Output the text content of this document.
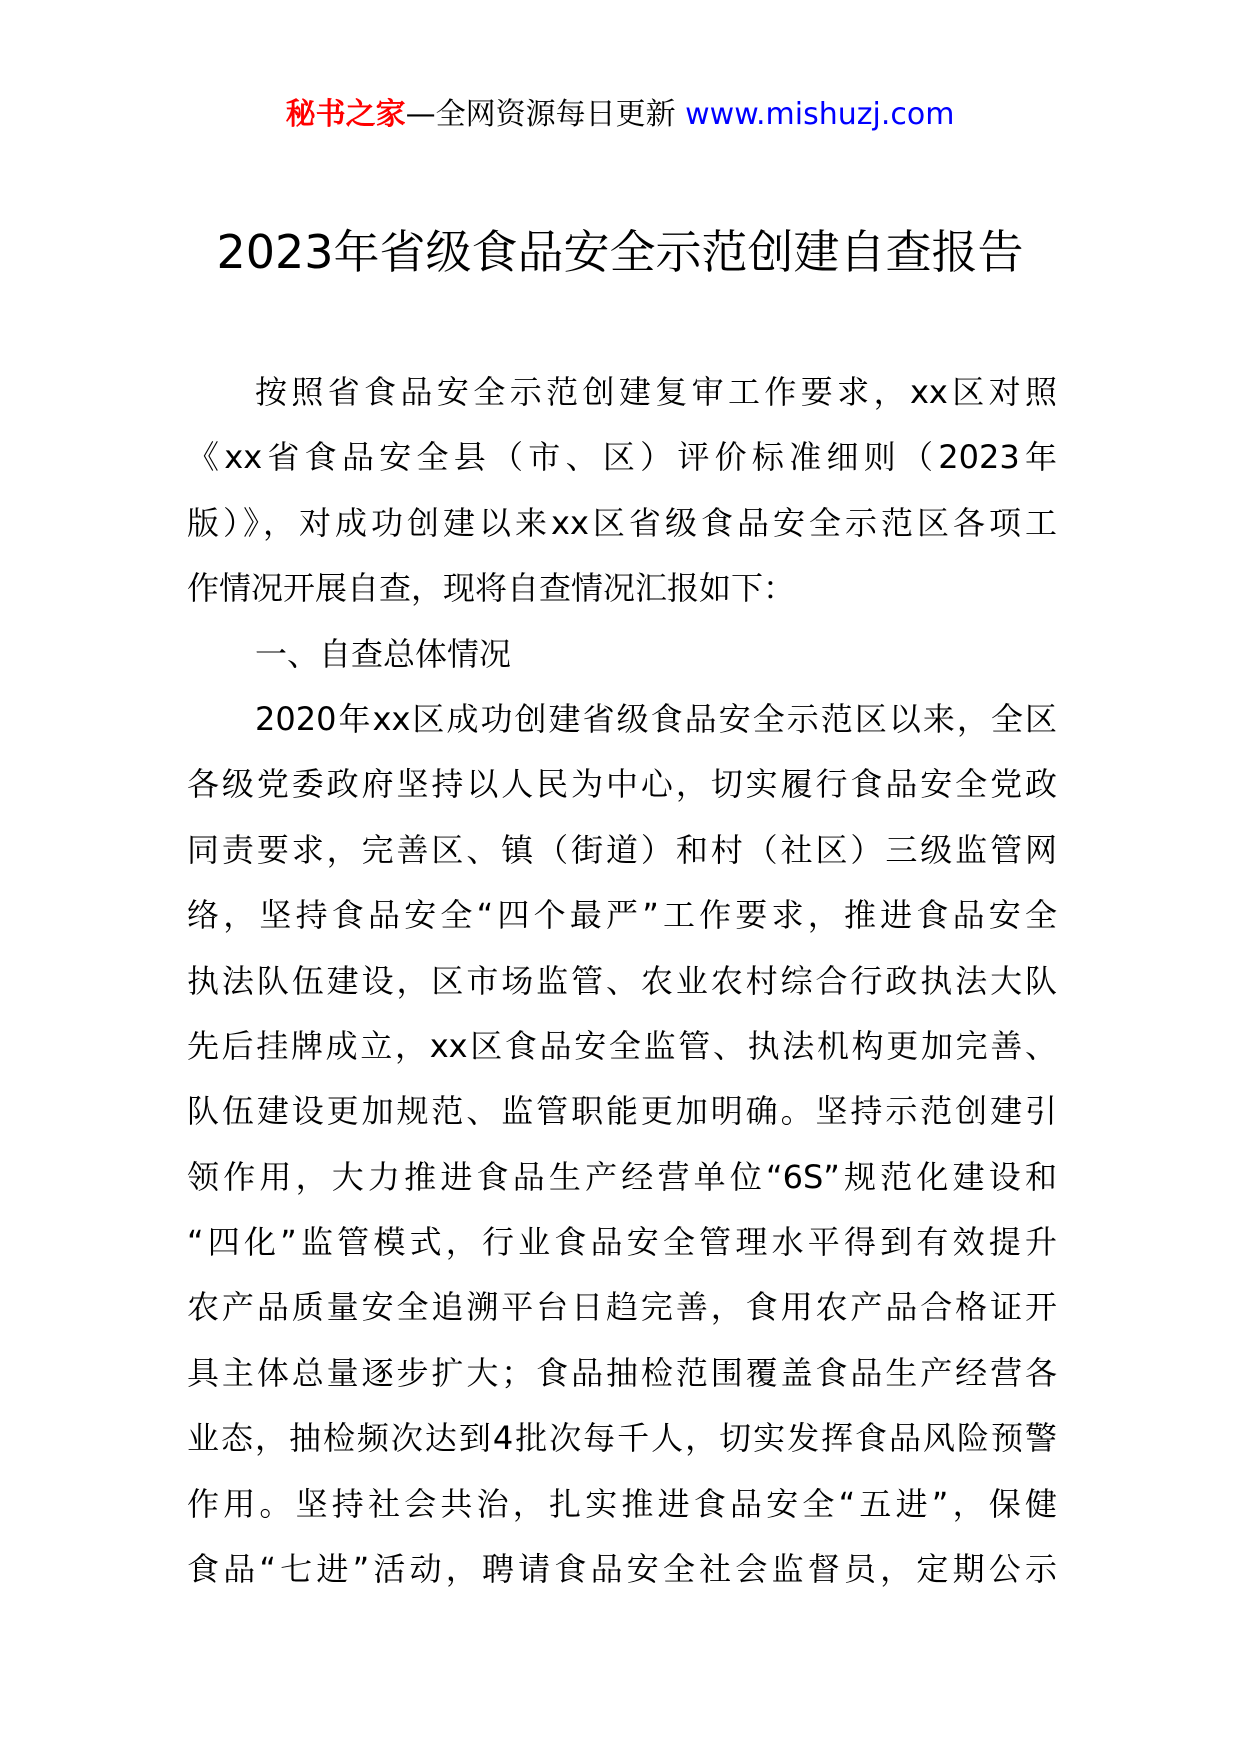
秘书之家—全网资源每日更新 www.mishuzj.com
2023年省级食品安全示范创建自查报告
按照省食品安全示范创建复审工作要求，xx区对照
《xx省食品安全县（市、区）评价标准细则（2023年
版）》，对成功创建以来xx区省级食品安全示范区各项工
作情况开展自查，现将自查情况汇报如下：
一、自查总体情况
2020年xx区成功创建省级食品安全示范区以来，全区
各级党委政府坚持以人民为中心，切实履行食品安全党政
同责要求，完善区、镇（街道）和村（社区）三级监管网
络，坚持食品安全“四个最严”工作要求，推进食品安全
执法队伍建设，区市场监管、农业农村综合行政执法大队
先后挂牌成立，xx区食品安全监管、执法机构更加完善、
队伍建设更加规范、监管职能更加明确。坚持示范创建引
领作用，大力推进食品生产经营单位“6S”规范化建设和
“四化”监管模式，行业食品安全管理水平得到有效提升
农产品质量安全追溯平台日趋完善，食用农产品合格证开
具主体总量逐步扩大；食品抽检范围覆盖食品生产经营各
业态，抽检频次达到4批次每千人，切实发挥食品风险预警
作用。坚持社会共治，扎实推进食品安全“五进”，保健
食品“七进”活动，聘请食品安全社会监督员，定期公示
